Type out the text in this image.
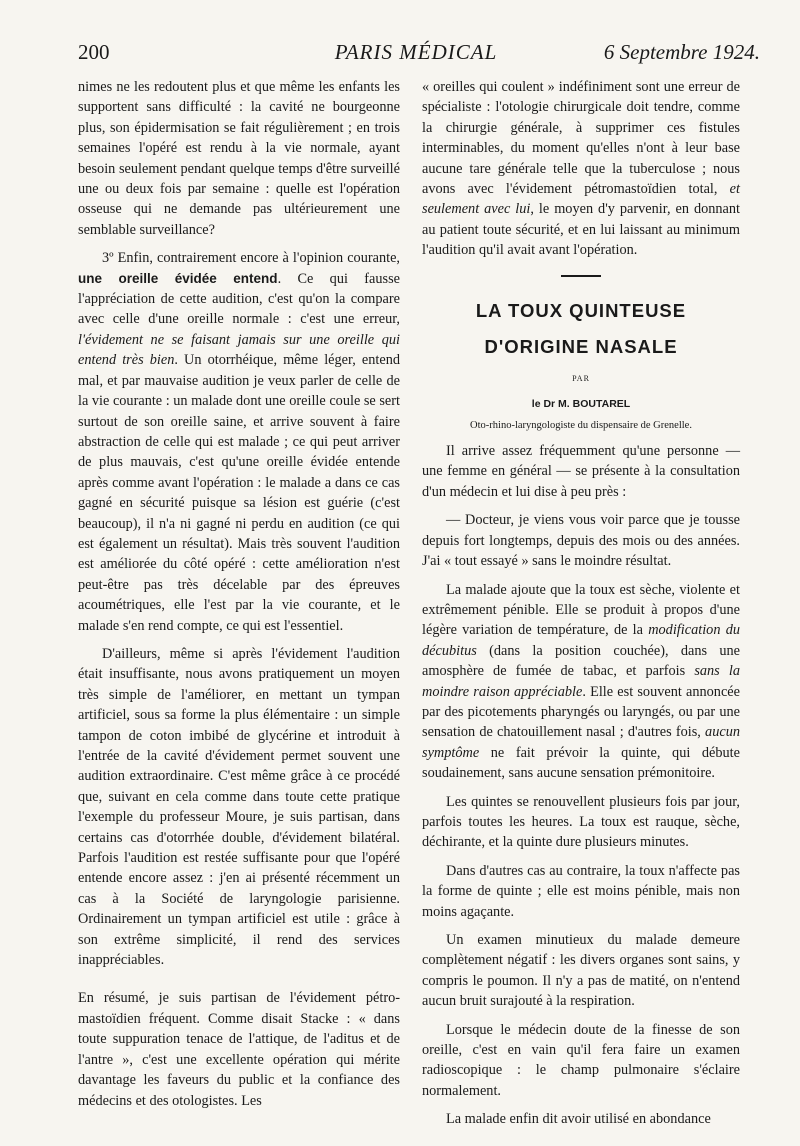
200	PARIS MÉDICAL	6 Septembre 1924.

nimes ne les redoutent plus et que même les enfants les supportent sans difficulté : la cavité ne bourgeonne plus, son épidermisation se fait régulièrement ; en trois semaines l'opéré est rendu à la vie normale, ayant besoin seulement pendant quelque temps d'être surveillé une ou deux fois par semaine : quelle est l'opération osseuse qui ne demande pas ultérieurement une semblable surveillance?

3º Enfin, contrairement encore à l'opinion courante, une oreille évidée entend. Ce qui fausse l'appréciation de cette audition, c'est qu'on la compare avec celle d'une oreille normale : c'est une erreur, l'évidement ne se faisant jamais sur une oreille qui entend très bien. Un otorrhéique, même léger, entend mal, et par mauvaise audition je veux parler de celle de la vie courante : un malade dont une oreille coule se sert surtout de son oreille saine, et arrive souvent à faire abstraction de celle qui est malade ; ce qui peut arriver de plus mauvais, c'est qu'une oreille évidée entende après comme avant l'opération : le malade a dans ce cas gagné en sécurité puisque sa lésion est guérie (c'est beaucoup), il n'a ni gagné ni perdu en audition (ce qui est également un résultat). Mais très souvent l'audition est améliorée du côté opéré : cette amélioration n'est peut-être pas très décelable par des épreuves acoumétriques, elle l'est par la vie courante, et le malade s'en rend compte, ce qui est l'essentiel.

D'ailleurs, même si après l'évidement l'audition était insuffisante, nous avons pratiquement un moyen très simple de l'améliorer, en mettant un tympan artificiel, sous sa forme la plus élémentaire : un simple tampon de coton imbibé de glycérine et introduit à l'entrée de la cavité d'évidement permet souvent une audition extraordinaire. C'est même grâce à ce procédé que, suivant en cela comme dans toute cette pratique l'exemple du professeur Moure, je suis partisan, dans certains cas d'otorrhée double, d'évidement bilatéral. Parfois l'audition est restée suffisante pour que l'opéré entende encore assez : j'en ai présenté récemment un cas à la Société de laryngologie parisienne. Ordinairement un tympan artificiel est utile : grâce à son extrême simplicité, il rend des services inappréciables.

En résumé, je suis partisan de l'évidement pétro-mastoïdien fréquent. Comme disait Stacke : « dans toute suppuration tenace de l'attique, de l'aditus et de l'antre », c'est une excellente opération qui mérite davantage les faveurs du public et la confiance des médecins et des otologistes. Les

« oreilles qui coulent » indéfiniment sont une erreur de spécialiste : l'otologie chirurgicale doit tendre, comme la chirurgie générale, à supprimer ces fistules interminables, du moment qu'elles n'ont à leur base aucune tare générale telle que la tuberculose ; nous avons avec l'évidement pétromastoïdien total, et seulement avec lui, le moyen d'y parvenir, en donnant au patient toute sécurité, et en lui laissant au minimum l'audition qu'il avait avant l'opération.

LA TOUX QUINTEUSE

D'ORIGINE NASALE

PAR

le Dr M. BOUTAREL

Oto-rhino-laryngologiste du dispensaire de Grenelle.

Il arrive assez fréquemment qu'une personne — une femme en général — se présente à la consultation d'un médecin et lui dise à peu près :

— Docteur, je viens vous voir parce que je tousse depuis fort longtemps, depuis des mois ou des années. J'ai « tout essayé » sans le moindre résultat.

La malade ajoute que la toux est sèche, violente et extrêmement pénible. Elle se produit à propos d'une légère variation de température, de la modification du décubitus (dans la position couchée), dans une amosphère de fumée de tabac, et parfois sans la moindre raison appréciable. Elle est souvent annoncée par des picotements pharyngés ou laryngés, ou par une sensation de chatouillement nasal ; d'autres fois, aucun symptôme ne fait prévoir la quinte, qui débute soudainement, sans aucune sensation prémonitoire.

Les quintes se renouvellent plusieurs fois par jour, parfois toutes les heures. La toux est rauque, sèche, déchirante, et la quinte dure plusieurs minutes.

Dans d'autres cas au contraire, la toux n'affecte pas la forme de quinte ; elle est moins pénible, mais non moins agaçante.

Un examen minutieux du malade demeure complètement négatif : les divers organes sont sains, y compris le poumon. Il n'y a pas de matité, on n'entend aucun bruit surajouté à la respiration.

Lorsque le médecin doute de la finesse de son oreille, c'est en vain qu'il fera faire un examen radioscopique : le champ pulmonaire s'éclaire normalement.

La malade enfin dit avoir utilisé en abondance
